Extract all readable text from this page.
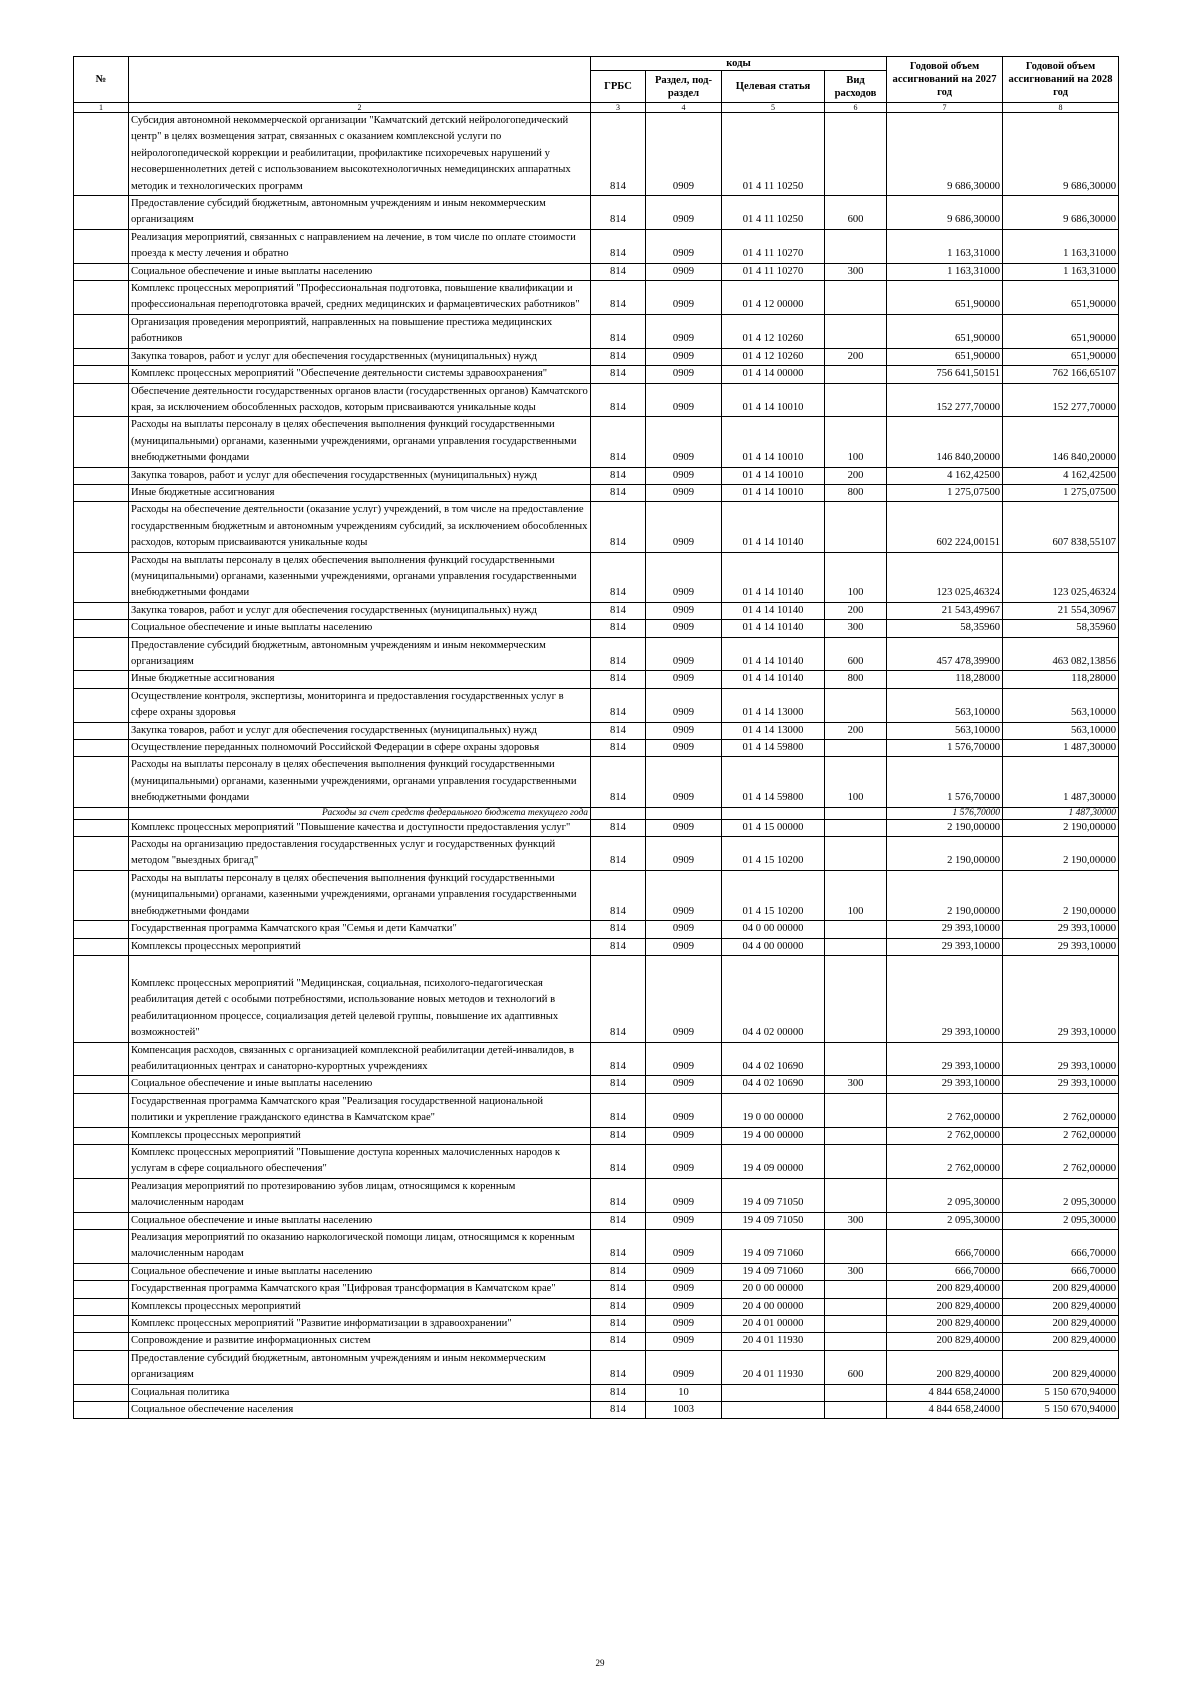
№		коды				Годовой объем ассигнований на 2027 год	Годовой объем ассигнований на 2028 год
		ГРБС	Раздел, под-раздел	Целевая статья	Вид расходов		
1	2	3	4	5	6	7	8
	Субсидия автономной некоммерческой организации "Камчатский детский нейрологопедический центр" в целях возмещения затрат, связанных с оказанием комплексной услуги по нейрологопедической коррекции и реабилитации, профилактике психоречевых нарушений у несовершеннолетних детей с использованием высокотехнологичных немедицинских аппаратных методик и технологических программ	814	0909	01 4 11 10250		9 686,30000	9 686,30000
	Предоставление субсидий бюджетным, автономным учреждениям и иным некоммерческим организациям	814	0909	01 4 11 10250	600	9 686,30000	9 686,30000
	Реализация мероприятий, связанных с направлением на лечение, в том числе по оплате стоимости проезда к месту лечения и обратно	814	0909	01 4 11 10270		1 163,31000	1 163,31000
	Социальное обеспечение и иные выплаты населению	814	0909	01 4 11 10270	300	1 163,31000	1 163,31000
	Комплекс процессных мероприятий "Профессиональная подготовка, повышение квалификации и профессиональная переподготовка врачей, средних медицинских и фармацевтических работников"	814	0909	01 4 12 00000		651,90000	651,90000
	Организация проведения мероприятий, направленных на повышение престижа медицинских работников	814	0909	01 4 12 10260		651,90000	651,90000
	Закупка товаров, работ и услуг для обеспечения государственных (муниципальных) нужд	814	0909	01 4 12 10260	200	651,90000	651,90000
	Комплекс процессных мероприятий "Обеспечение деятельности системы здравоохранения"	814	0909	01 4 14 00000		756 641,50151	762 166,65107
	Обеспечение деятельности государственных органов власти (государственных органов) Камчатского края, за исключением обособленных расходов, которым присваиваются уникальные коды	814	0909	01 4 14 10010		152 277,70000	152 277,70000
	Расходы на выплаты персоналу в целях обеспечения выполнения функций государственными (муниципальными) органами, казенными учреждениями, органами управления государственными внебюджетными фондами	814	0909	01 4 14 10010	100	146 840,20000	146 840,20000
	Закупка товаров, работ и услуг для обеспечения государственных (муниципальных) нужд	814	0909	01 4 14 10010	200	4 162,42500	4 162,42500
	Иные бюджетные ассигнования	814	0909	01 4 14 10010	800	1 275,07500	1 275,07500
	Расходы на обеспечение деятельности (оказание услуг) учреждений, в том числе на предоставление государственным бюджетным и автономным учреждениям субсидий, за исключением обособленных расходов, которым присваиваются уникальные коды	814	0909	01 4 14 10140		602 224,00151	607 838,55107
	Расходы на выплаты персоналу в целях обеспечения выполнения функций государственными (муниципальными) органами, казенными учреждениями, органами управления государственными внебюджетными фондами	814	0909	01 4 14 10140	100	123 025,46324	123 025,46324
	Закупка товаров, работ и услуг для обеспечения государственных (муниципальных) нужд	814	0909	01 4 14 10140	200	21 543,49967	21 554,30967
	Социальное обеспечение и иные выплаты населению	814	0909	01 4 14 10140	300	58,35960	58,35960
	Предоставление субсидий бюджетным, автономным учреждениям и иным некоммерческим организациям	814	0909	01 4 14 10140	600	457 478,39900	463 082,13856
	Иные бюджетные ассигнования	814	0909	01 4 14 10140	800	118,28000	118,28000
	Осуществление контроля, экспертизы, мониторинга и предоставления государственных услуг в сфере охраны здоровья	814	0909	01 4 14 13000		563,10000	563,10000
	Закупка товаров, работ и услуг для обеспечения государственных (муниципальных) нужд	814	0909	01 4 14 13000	200	563,10000	563,10000
	Осуществление переданных полномочий Российской Федерации в сфере охраны здоровья	814	0909	01 4 14 59800		1 576,70000	1 487,30000
	Расходы на выплаты персоналу в целях обеспечения выполнения функций государственными (муниципальными) органами, казенными учреждениями, органами управления государственными внебюджетными фондами	814	0909	01 4 14 59800	100	1 576,70000	1 487,30000
	Расходы за счет средств федерального бюджета текущего года					1 576,70000	1 487,30000
	Комплекс процессных мероприятий "Повышение качества и доступности предоставления услуг"	814	0909	01 4 15 00000		2 190,00000	2 190,00000
	Расходы на организацию предоставления государственных услуг и государственных функций методом "выездных бригад"	814	0909	01 4 15 10200		2 190,00000	2 190,00000
	Расходы на выплаты персоналу в целях обеспечения выполнения функций государственными (муниципальными) органами, казенными учреждениями, органами управления государственными внебюджетными фондами	814	0909	01 4 15 10200	100	2 190,00000	2 190,00000
	Государственная программа Камчатского края "Семья и дети Камчатки"	814	0909	04 0 00 00000		29 393,10000	29 393,10000
	Комплексы процессных мероприятий	814	0909	04 4 00 00000		29 393,10000	29 393,10000
	Комплекс процессных мероприятий "Медицинская, социальная, психолого-педагогическая реабилитация детей с особыми потребностями, использование новых методов и технологий в реабилитационном процессе, социализация детей целевой группы, повышение их адаптивных возможностей"	814	0909	04 4 02 00000		29 393,10000	29 393,10000
	Компенсация расходов, связанных с организацией комплексной реабилитации детей-инвалидов, в реабилитационных центрах и санаторно-курортных учреждениях	814	0909	04 4 02 10690		29 393,10000	29 393,10000
	Социальное обеспечение и иные выплаты населению	814	0909	04 4 02 10690	300	29 393,10000	29 393,10000
	Государственная программа Камчатского края "Реализация государственной национальной политики и укрепление гражданского единства в Камчатском крае"	814	0909	19 0 00 00000		2 762,00000	2 762,00000
	Комплексы процессных мероприятий	814	0909	19 4 00 00000		2 762,00000	2 762,00000
	Комплекс процессных мероприятий "Повышение доступа коренных малочисленных народов к услугам в сфере социального обеспечения"	814	0909	19 4 09 00000		2 762,00000	2 762,00000
	Реализация мероприятий по протезированию зубов лицам, относящимся к коренным малочисленным народам	814	0909	19 4 09 71050		2 095,30000	2 095,30000
	Социальное обеспечение и иные выплаты населению	814	0909	19 4 09 71050	300	2 095,30000	2 095,30000
	Реализация мероприятий по оказанию наркологической помощи лицам, относящимся к коренным малочисленным народам	814	0909	19 4 09 71060		666,70000	666,70000
	Социальное обеспечение и иные выплаты населению	814	0909	19 4 09 71060	300	666,70000	666,70000
	Государственная программа Камчатского края "Цифровая трансформация в Камчатском крае"	814	0909	20 0 00 00000		200 829,40000	200 829,40000
	Комплексы процессных мероприятий	814	0909	20 4 00 00000		200 829,40000	200 829,40000
	Комплекс процессных мероприятий "Развитие информатизации в здравоохранении"	814	0909	20 4 01 00000		200 829,40000	200 829,40000
	Сопровождение и развитие информационных систем	814	0909	20 4 01 11930		200 829,40000	200 829,40000
	Предоставление субсидий бюджетным, автономным учреждениям и иным некоммерческим организациям	814	0909	20 4 01 11930	600	200 829,40000	200 829,40000
	Социальная политика	814	10			4 844 658,24000	5 150 670,94000
	Социальное обеспечение населения	814	1003			4 844 658,24000	5 150 670,94000
29
